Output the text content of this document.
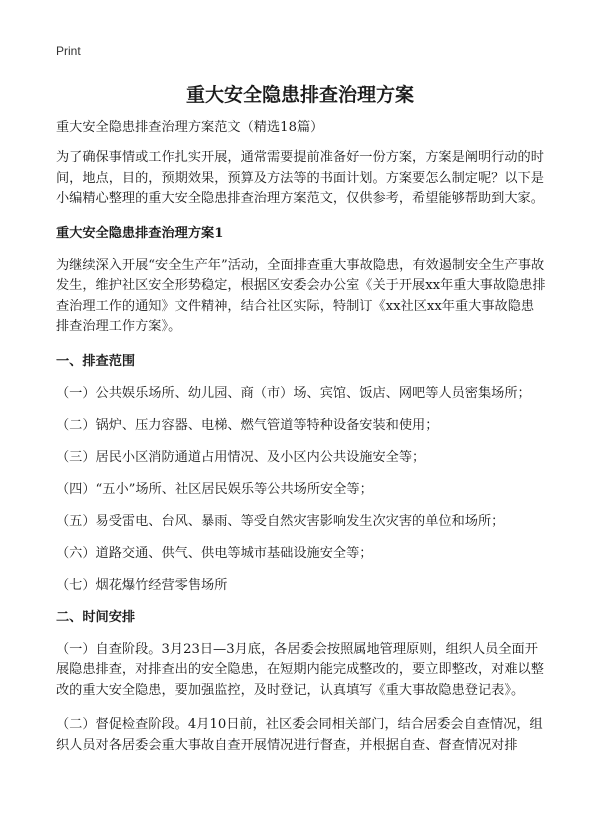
Print
重大安全隐患排查治理方案

重大安全隐患排查治理方案范文（精选18篇）

为了确保事情或工作扎实开展，通常需要提前准备好一份方案，方案是阐明行动的时间，地点，目的，预期效果，预算及方法等的书面计划。方案要怎么制定呢？以下是小编精心整理的重大安全隐患排查治理方案范文，仅供参考，希望能够帮助到大家。

重大安全隐患排查治理方案1

为继续深入开展“安全生产年”活动，全面排查重大事故隐患，有效遏制安全生产事故发生，维护社区安全形势稳定，根据区安委会办公室《关于开展xx年重大事故隐患排查治理工作的通知》文件精神，结合社区实际，特制订《xx社区xx年重大事故隐患排查治理工作方案》。

一、排查范围

（一）公共娱乐场所、幼儿园、商（市）场、宾馆、饭店、网吧等人员密集场所；

（二）锅炉、压力容器、电梯、燃气管道等特种设备安装和使用；

（三）居民小区消防通道占用情况、及小区内公共设施安全等；

（四）“五小”场所、社区居民娱乐等公共场所安全等；

（五）易受雷电、台风、暴雨、等受自然灾害影响发生次灾害的单位和场所；

（六）道路交通、供气、供电等城市基础设施安全等；

（七）烟花爆竹经营零售场所

二、时间安排

（一）自查阶段。3月23日—3月底，各居委会按照属地管理原则，组织人员全面开展隐患排查，对排查出的安全隐患，在短期内能完成整改的，要立即整改，对难以整改的重大安全隐患，要加强监控，及时登记，认真填写《重大事故隐患登记表》。

（二）督促检查阶段。4月10日前，社区委会同相关部门，结合居委会自查情况，组织人员对各居委会重大事故自查开展情况进行督查，并根据自查、督查情况对排
